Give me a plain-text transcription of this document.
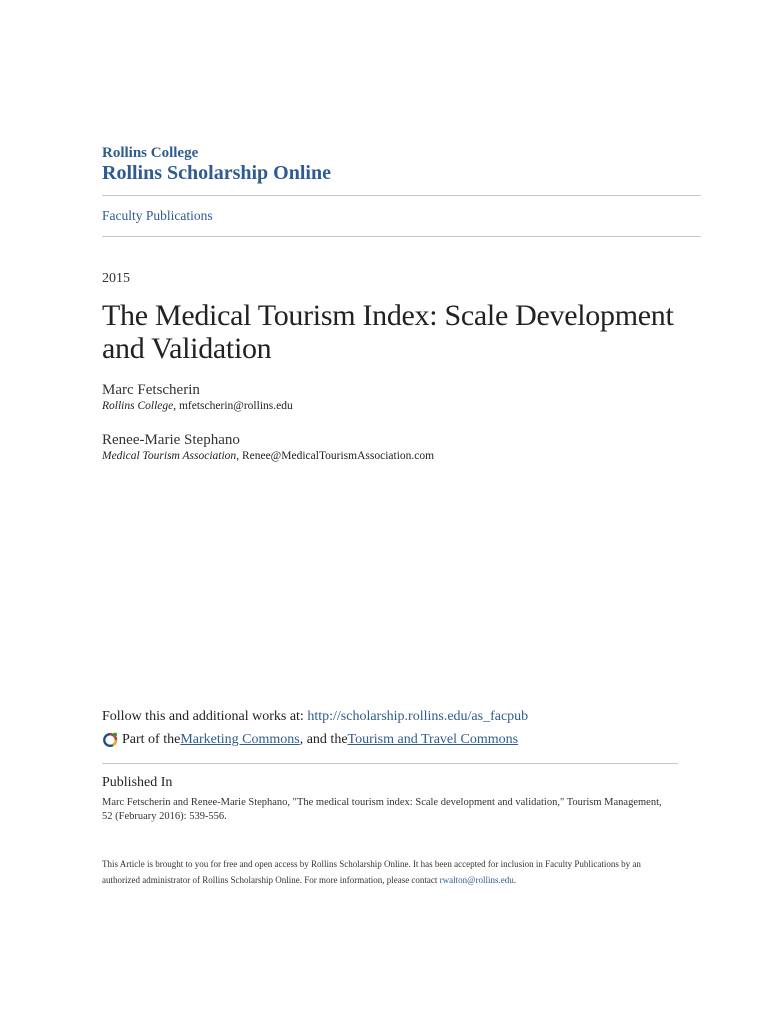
Rollins College
Rollins Scholarship Online
Faculty Publications
2015
The Medical Tourism Index: Scale Development and Validation
Marc Fetscherin
Rollins College, mfetscherin@rollins.edu
Renee-Marie Stephano
Medical Tourism Association, Renee@MedicalTourismAssociation.com
Follow this and additional works at: http://scholarship.rollins.edu/as_facpub
Part of the Marketing Commons , and the Tourism and Travel Commons
Published In
Marc Fetscherin and Renee-Marie Stephano, "The medical tourism index: Scale development and validation," Tourism Management, 52 (February 2016): 539-556.
This Article is brought to you for free and open access by Rollins Scholarship Online. It has been accepted for inclusion in Faculty Publications by an authorized administrator of Rollins Scholarship Online. For more information, please contact rwalton@rollins.edu.
